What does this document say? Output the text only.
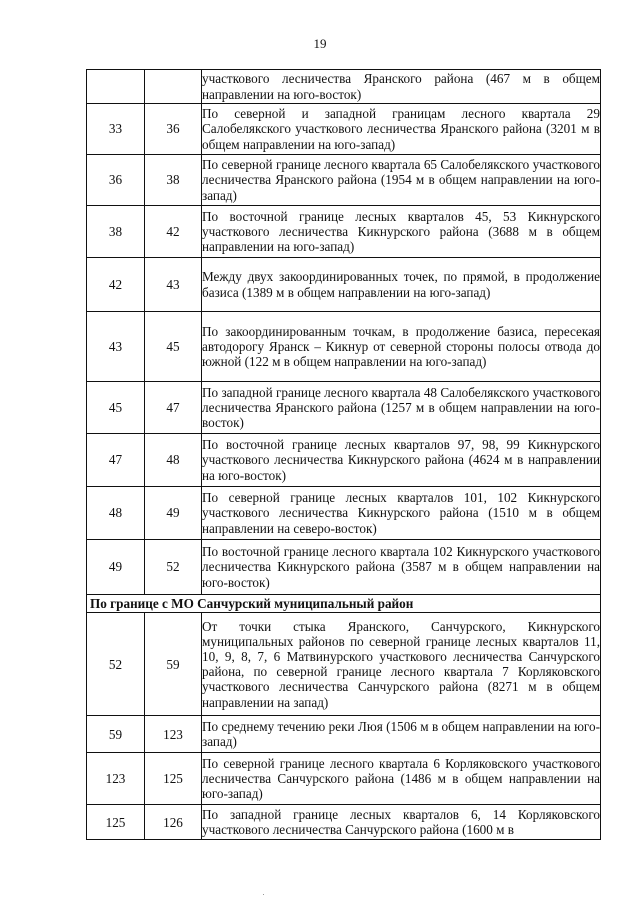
19

		участкового лесничества Яранского района (467 м в общем направлении на юго-восток)

33	36	По северной и западной границам лесного квартала 29 Салобелякского участкового лесничества Яранского района (3201 м в общем направлении на юго-запад)

36	38	По северной границе лесного квартала 65 Салобелякского участкового лесничества Яранского района (1954 м в общем направлении на юго-запад)

38	42	По восточной границе лесных кварталов 45, 53 Кикнурского участкового лесничества Кикнурского района (3688 м в общем направлении на юго-запад)

42	43	Между двух закоординированных точек, по прямой, в продолжение базиса (1389 м в общем направлении на юго-запад)

43	45	По закоординированным точкам, в продолжение базиса, пересекая автодорогу Яранск – Кикнур от северной стороны полосы отвода до южной (122 м в общем направлении на юго-запад)

45	47	По западной границе лесного квартала 48 Салобелякского участкового лесничества Яранского района (1257 м в общем направлении на юго-восток)

47	48	По восточной границе лесных кварталов 97, 98, 99 Кикнурского участкового лесничества Кикнурского района (4624 м в направлении на юго-восток)

48	49	По северной границе лесных кварталов 101, 102 Кикнурского участкового лесничества Кикнурского района (1510 м в общем направлении на северо-восток)

49	52	По восточной границе лесного квартала 102 Кикнурского участкового лесничества Кикнурского района (3587 м в общем направлении на юго-восток)

По границе с МО Санчурский муниципальный район		
52	59	От точки стыка Яранского, Санчурского, Кикнурского муниципальных районов по северной границе лесных кварталов 11, 10, 9, 8, 7, 6 Матвинурского участкового лесничества Санчурского района, по северной границе лесного квартала 7 Корляковского участкового лесничества Санчурского района (8271 м в общем направлении на запад)

59	123	По среднему течению реки Люя (1506 м в общем направлении на юго-запад)

123	125	По северной границе лесного квартала 6 Корляковского участкового лесничества Санчурского района (1486 м в общем направлении на юго-запад)

125	126	По западной границе лесных кварталов 6, 14 Корляковского участкового лесничества Санчурского района (1600 м в
